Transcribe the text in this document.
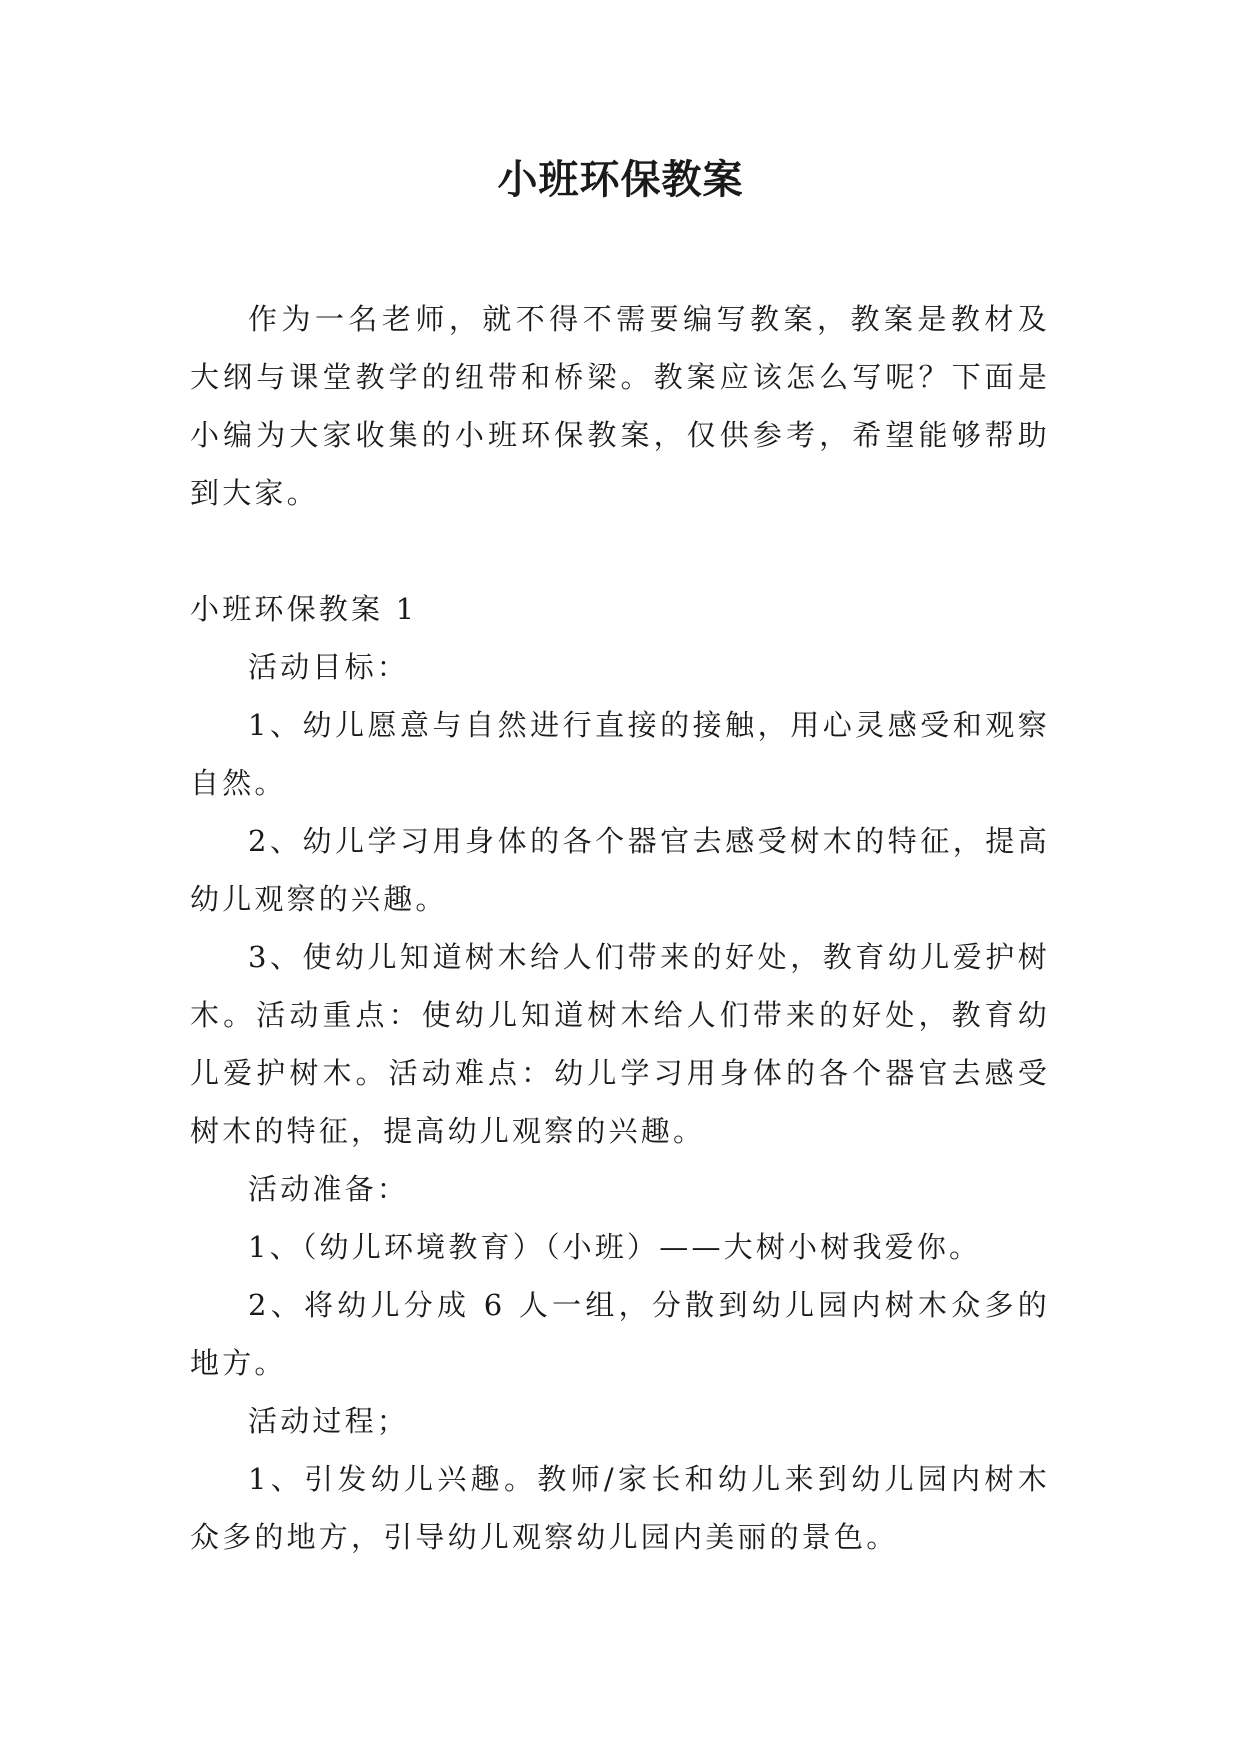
小班环保教案

作为一名老师，就不得不需要编写教案，教案是教材及大纲与课堂教学的纽带和桥梁。教案应该怎么写呢？下面是小编为大家收集的小班环保教案，仅供参考，希望能够帮助到大家。

小班环保教案 1

活动目标：

1、幼儿愿意与自然进行直接的接触，用心灵感受和观察自然。

2、幼儿学习用身体的各个器官去感受树木的特征，提高幼儿观察的兴趣。

3、使幼儿知道树木给人们带来的好处，教育幼儿爱护树木。活动重点：使幼儿知道树木给人们带来的好处，教育幼儿爱护树木。活动难点：幼儿学习用身体的各个器官去感受树木的特征，提高幼儿观察的兴趣。

活动准备：

1、（幼儿环境教育）（小班）——大树小树我爱你。

2、将幼儿分成 6 人一组，分散到幼儿园内树木众多的地方。

活动过程；

1、引发幼儿兴趣。教师/家长和幼儿来到幼儿园内树木众多的地方，引导幼儿观察幼儿园内美丽的景色。
